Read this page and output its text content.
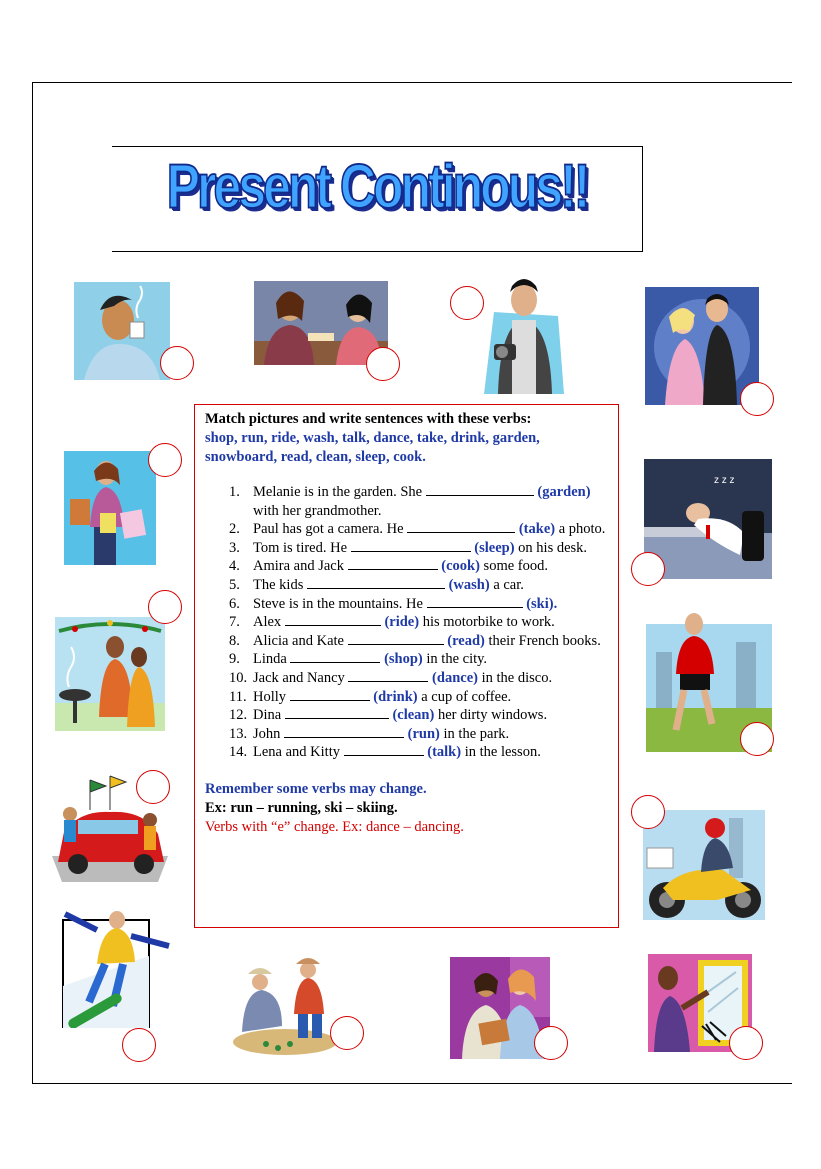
Present Continous!!
z z z
Match pictures and write sentences with these verbs:
shop, run, ride, wash, talk, dance, take, drink, garden, snowboard, read, clean, sleep, cook.
1. Melanie is in the garden. She	(garden) with her grandmother.
2. Paul has got a camera. He	(take) a photo.
3. Tom is tired. He	(sleep) on his desk.
4. Amira and Jack	(cook) some food.
5. The kids	(wash) a car.
6. Steve is in the mountains. He	(ski).
7. Alex	(ride) his motorbike to work.
8. Alicia and Kate	(read) their French books.
9. Linda	(shop) in the city.
10. Jack and Nancy	(dance) in the disco.
11. Holly	(drink) a cup of coffee.
12. Dina	(clean) her dirty windows.
13. John	(run) in the park.
14. Lena and Kitty	(talk) in the lesson.
Remember some verbs may change.
Ex: run – running, ski – skiing.
Verbs with “e” change. Ex: dance – dancing.
